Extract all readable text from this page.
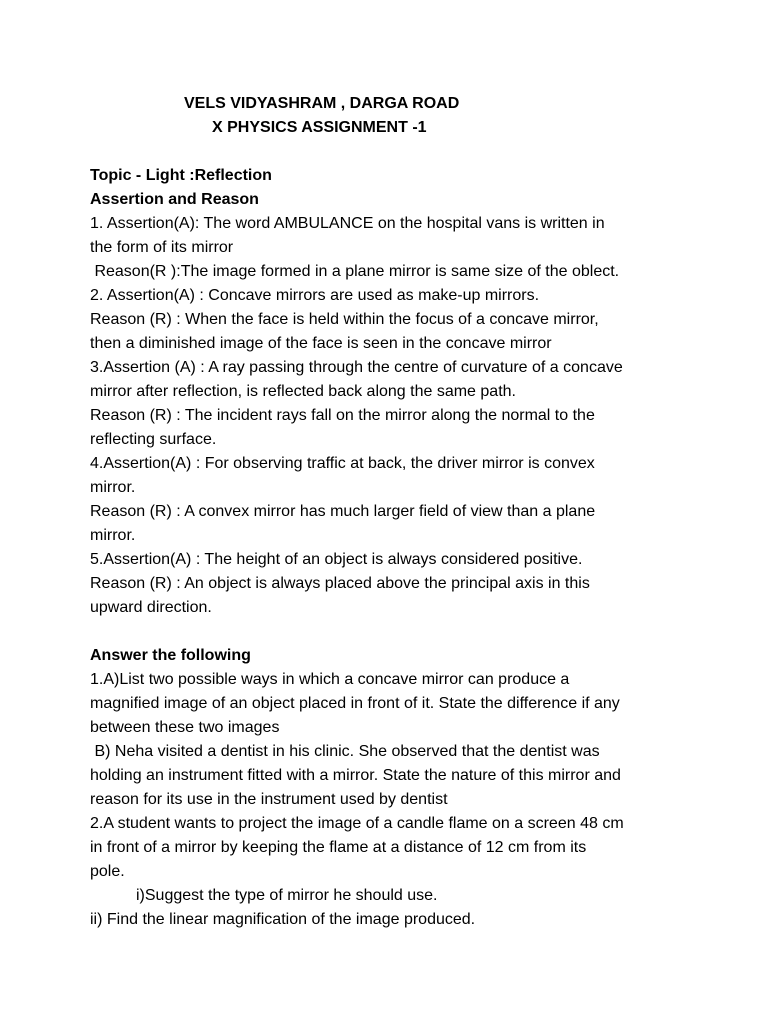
VELS VIDYASHRAM , DARGA ROAD
X PHYSICS ASSIGNMENT -1
Topic - Light :Reflection
Assertion and Reason
1. Assertion(A): The word AMBULANCE on the hospital vans is written in
the form of its mirror
Reason(R ):The image formed in a plane mirror is same size of the oblect.
2. Assertion(A) : Concave mirrors are used as make-up mirrors.
Reason (R) : When the face is held within the focus of a concave mirror,
then a diminished image of the face is seen in the concave mirror
3.Assertion (A) : A ray passing through the centre of curvature of a concave
mirror after reflection, is reflected back along the same path.
Reason (R) : The incident rays fall on the mirror along the normal to the
reflecting surface.
4.Assertion(A) : For observing traffic at back, the driver mirror is convex
mirror.
Reason (R) : A convex mirror has much larger field of view than a plane
mirror.
5.Assertion(A) : The height of an object is always considered positive.
Reason (R) : An object is always placed above the principal axis in this
upward direction.
Answer the following
1.A)List two possible ways in which a concave mirror can produce a
magnified image of an object placed in front of it. State the difference if any
between these two images
B) Neha visited a dentist in his clinic. She observed that the dentist was
holding an instrument fitted with a mirror. State the nature of this mirror and
reason for its use in the instrument used by dentist
2.A student wants to project the image of a candle flame on a screen 48 cm
in front of a mirror by keeping the flame at a distance of 12 cm from its
pole.
i)Suggest the type of mirror he should use.
ii) Find the linear magnification of the image produced.
